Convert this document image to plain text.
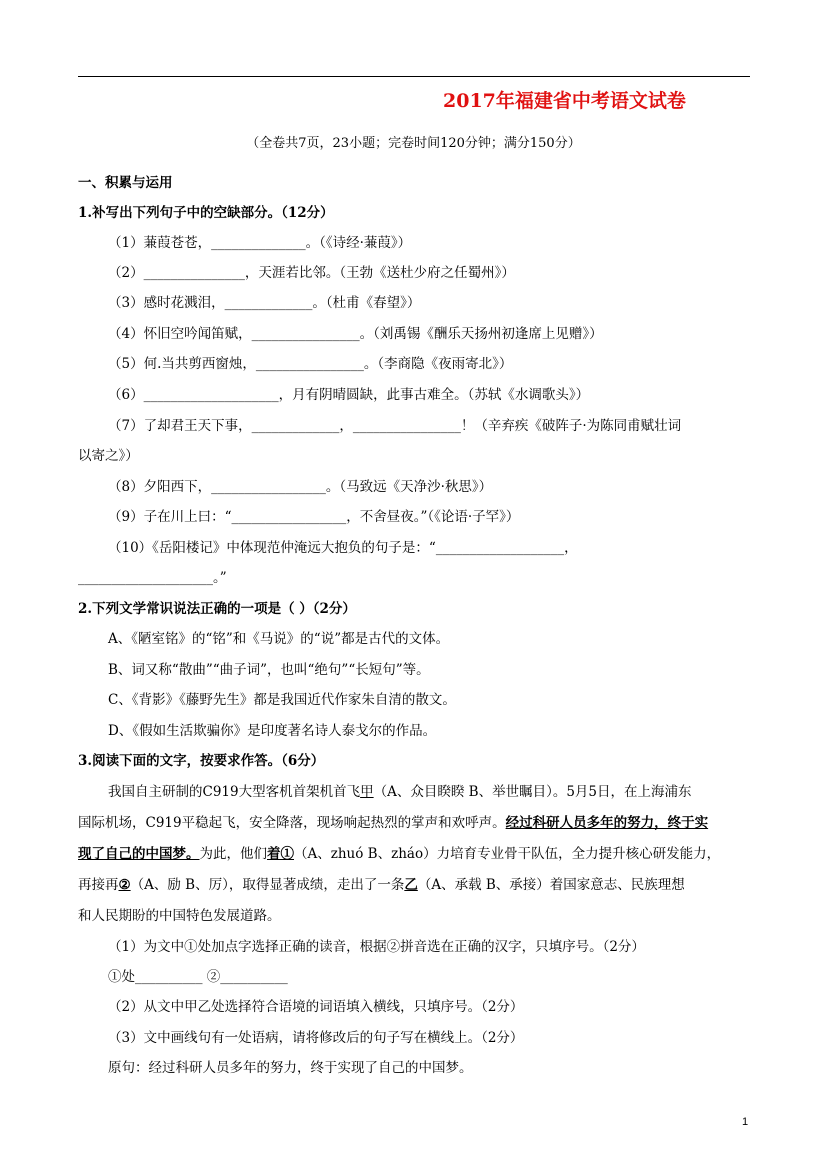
2017年福建省中考语文试卷
（全卷共7页，23小题；完卷时间120分钟；满分150分）
一、积累与运用
1.补写出下列句子中的空缺部分。（12分）
（1）蒹葭苍苍，______________。（《诗经·蒹葭》）
（2）_______________，天涯若比邻。（王勃《送杜少府之任蜀州》）
（3）感时花溅泪，_____________。（杜甫《春望》）
（4）怀旧空吟闻笛赋，________________。（刘禹锡《酬乐天扬州初逢席上见赠》）
（5）何.当共剪西窗烛，________________。（李商隐《夜雨寄北》）
（6）____________________，月有阴晴圆缺，此事古难全。（苏轼《水调歌头》）
（7）了却君王天下事，_____________，________________！（辛弃疾《破阵子·为陈同甫赋壮词
以寄之》）
（8）夕阳西下，_________________。（马致远《天净沙·秋思》）
（9）子在川上曰：“_________________，不舍昼夜。”（《论语·子罕》）
（10）《岳阳楼记》中体现范仲淹远大抱负的句子是：“___________________，
____________________。”
2.下列文学常识说法正确的一项是（ ）（2分）
A、《陋室铭》的“铭”和《马说》的“说”都是古代的文体。
B、词又称“散曲”“曲子词”，也叫“绝句”“长短句”等。
C、《背影》《藤野先生》都是我国近代作家朱自清的散文。
D、《假如生活欺骗你》是印度著名诗人泰戈尔的作品。
3.阅读下面的文字，按要求作答。（6分）
我国自主研制的C919大型客机首架机首飞甲（A、众目睽睽 B、举世瞩目）。5月5日，在上海浦东
国际机场，C919平稳起飞，安全降落，现场响起热烈的掌声和欢呼声。经过科研人员多年的努力，终于实
现了自己的中国梦。为此，他们着①（A、zhuó B、zháo）力培育专业骨干队伍，全力提升核心研发能力，
再接再②（A、励 B、厉），取得显著成绩，走出了一条乙（A、承载 B、承接）着国家意志、民族理想
和人民期盼的中国特色发展道路。
（1）为文中①处加点字选择正确的读音，根据②拼音选在正确的汉字，只填序号。（2分）
①处__________ ②__________
（2）从文中甲乙处选择符合语境的词语填入横线，只填序号。（2分）
（3）文中画线句有一处语病，请将修改后的句子写在横线上。（2分）
原句：经过科研人员多年的努力，终于实现了自己的中国梦。
1
